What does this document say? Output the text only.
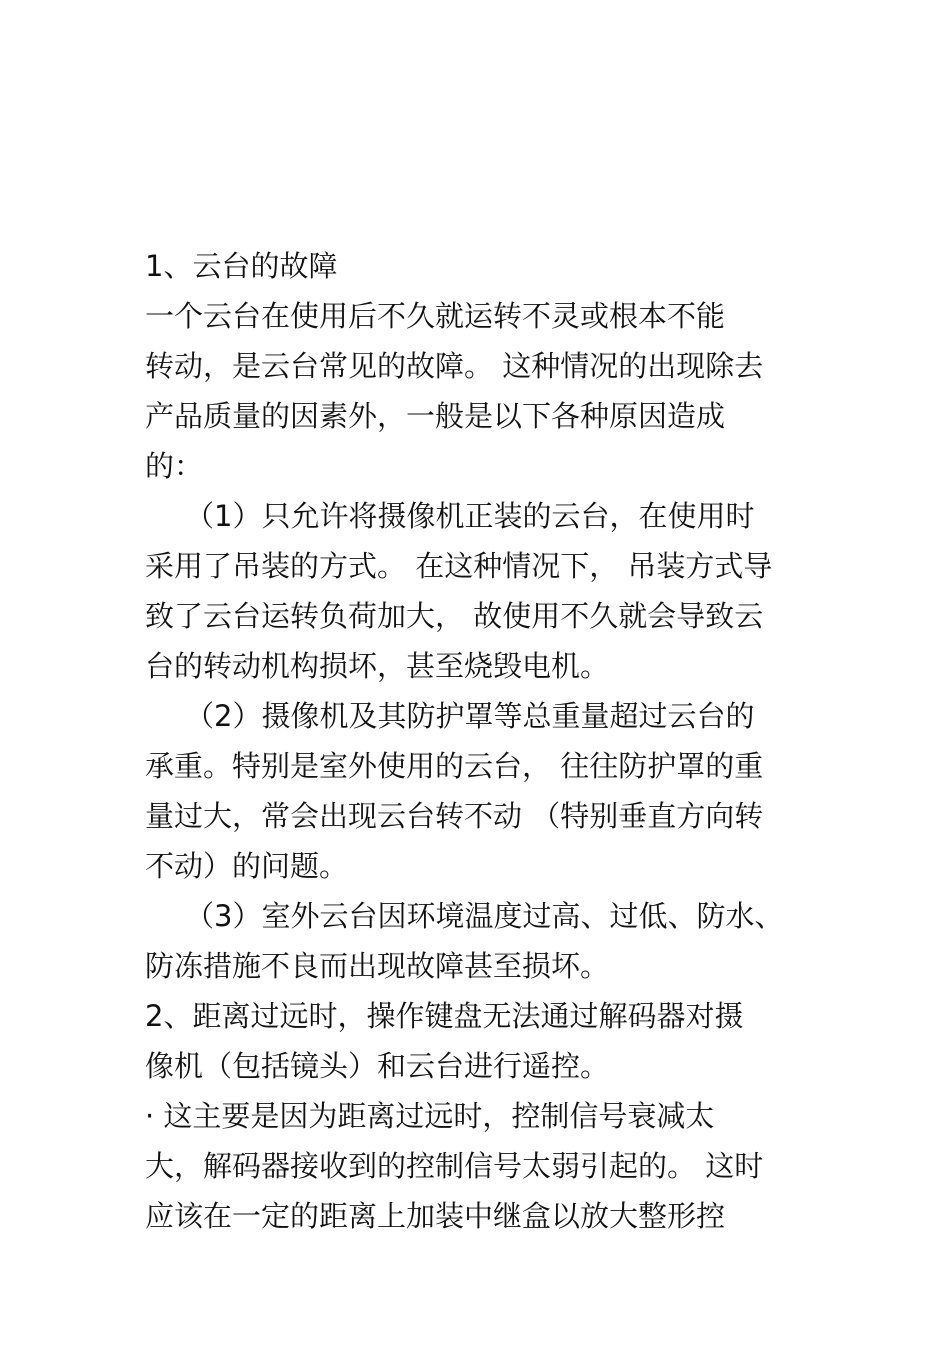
1、云台的故障
一个云台在使用后不久就运转不灵或根本不能
转动，是云台常见的故障。 这种情况的出现除去
产品质量的因素外，一般是以下各种原因造成
的：
（1）只允许将摄像机正装的云台，在使用时
采用了吊装的方式。 在这种情况下， 吊装方式导
致了云台运转负荷加大， 故使用不久就会导致云
台的转动机构损坏，甚至烧毁电机。
（2）摄像机及其防护罩等总重量超过云台的
承重。特别是室外使用的云台， 往往防护罩的重
量过大，常会出现云台转不动 （特别垂直方向转
不动）的问题。
（3）室外云台因环境温度过高、过低、防水、
防冻措施不良而出现故障甚至损坏。
2、距离过远时，操作键盘无法通过解码器对摄
像机（包括镜头）和云台进行遥控。
· 这主要是因为距离过远时，控制信号衰减太
大，解码器接收到的控制信号太弱引起的。 这时
应该在一定的距离上加装中继盒以放大整形控
